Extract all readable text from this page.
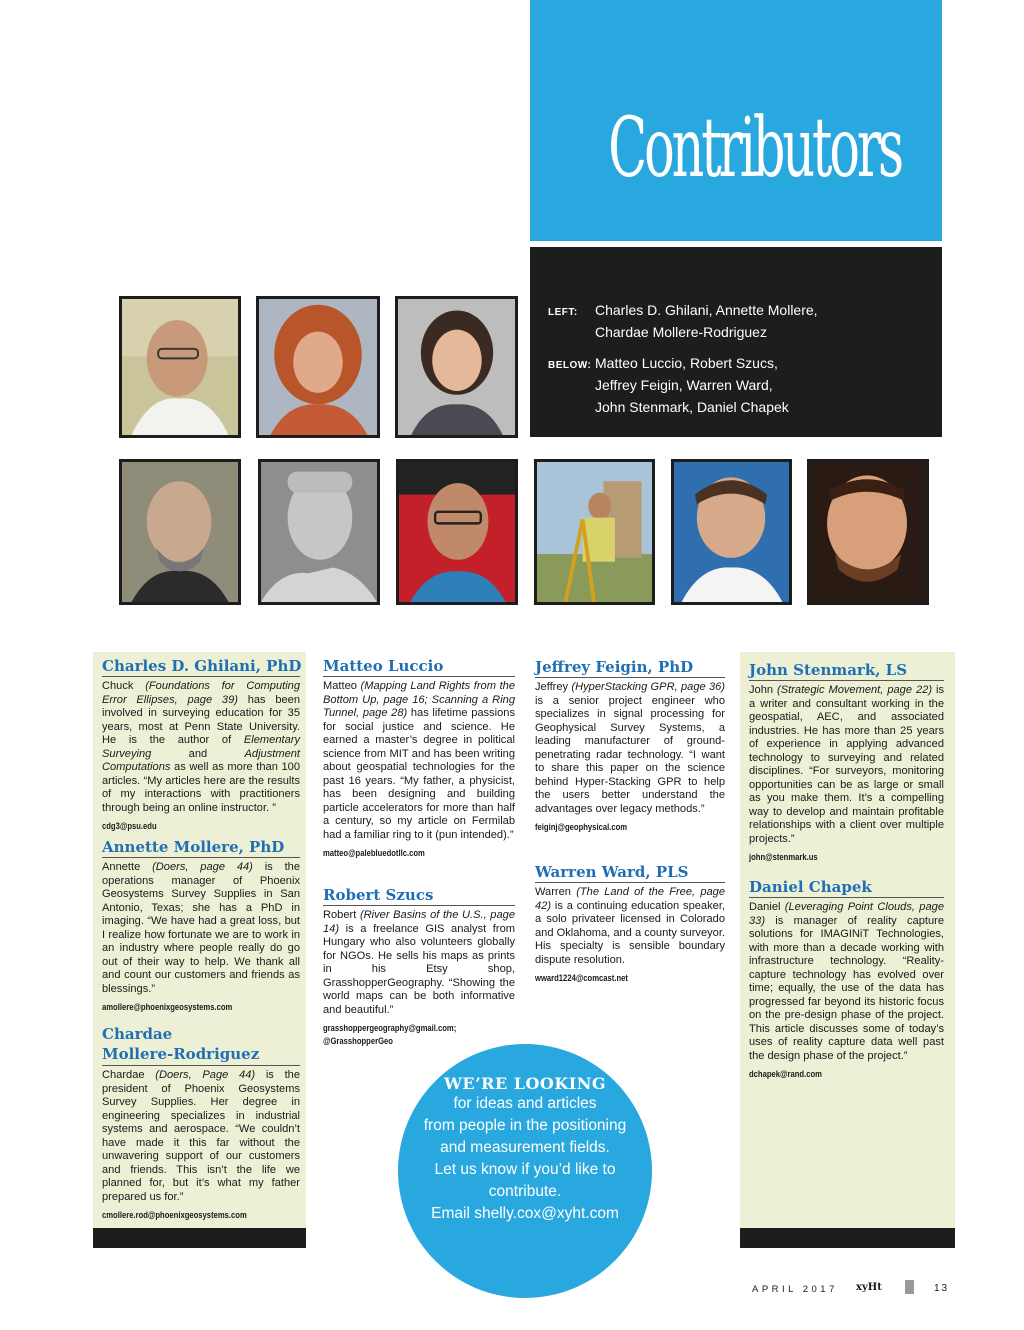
Contributors
LEFT: Charles D. Ghilani, Annette Mollere,
Chardae Mollere-Rodriguez
BELOW: Matteo Luccio, Robert Szucs,
Jeffrey Feigin, Warren Ward,
John Stenmark, Daniel Chapek
Charles D. Ghilani, PhD
Chuck (Foundations for Computing Error Ellipses, page 39) has been involved in surveying education for 35 years, most at Penn State University. He is the author of Elementary Surveying and Adjustment Computations as well as more than 100 articles. “My articles here are the results of my interactions with practitioners through being an online instructor. ”
cdg3@psu.edu
Annette Mollere, PhD
Annette (Doers, page 44) is the operations manager of Phoenix Geosystems Survey Supplies in San Antonio, Texas; she has a PhD in imaging. “We have had a great loss, but I realize how fortunate we are to work in an industry where people really do go out of their way to help. We thank all and count our customers and friends as blessings.”
amollere@phoenixgeosystems.com
Chardae
Mollere-Rodriguez
Chardae (Doers, Page 44) is the president of Phoenix Geosystems Survey Supplies. Her degree in engineering specializes in industrial systems and aerospace. “We couldn’t have made it this far without the unwavering support of our customers and friends. This isn’t the life we planned for, but it’s what my father prepared us for.”
cmollere.rod@phoenixgeosystems.com
Matteo Luccio
Matteo (Mapping Land Rights from the Bottom Up, page 16; Scanning a Ring Tunnel, page 28) has lifetime passions for social justice and science. He earned a master’s degree in political science from MIT and has been writing about geospatial technologies for the past 16 years. “My father, a physicist, has been designing and building particle accelerators for more than half a century, so my article on Fermilab had a familiar ring to it (pun intended).”
matteo@palebluedotllc.com
Robert Szucs
Robert (River Basins of the U.S., page 14) is a freelance GIS analyst from Hungary who also volunteers globally for NGOs. He sells his maps as prints in his Etsy shop, GrasshopperGeography. “Showing the world maps can be both informative and beautiful.”
grasshoppergeography@gmail.com;
@GrasshopperGeo
Jeffrey Feigin, PhD
Jeffrey (HyperStacking GPR, page 36) is a senior project engineer who specializes in signal processing for Geophysical Survey Systems, a leading manufacturer of ground-penetrating radar technology. “I want to share this paper on the science behind Hyper-Stacking GPR to help the users better understand the advantages over legacy methods.”
feiginj@geophysical.com
Warren Ward, PLS
Warren (The Land of the Free, page 42) is a continuing education speaker, a solo privateer licensed in Colorado and Oklahoma, and a county surveyor. His specialty is sensible boundary dispute resolution.
wward1224@comcast.net
John Stenmark, LS
John (Strategic Movement, page 22) is a writer and consultant working in the geospatial, AEC, and associated industries. He has more than 25 years of experience in applying advanced technology to surveying and related disciplines. “For surveyors, monitoring opportunities can be as large or small as you make them. It’s a compelling way to develop and maintain profitable relationships with a client over multiple projects.”
john@stenmark.us
Daniel Chapek
Daniel (Leveraging Point Clouds, page 33) is manager of reality capture solutions for IMAGINiT Technologies, with more than a decade working with infrastructure technology. “Reality-capture technology has evolved over time; equally, the use of the data has progressed far beyond its historic focus on the pre-design phase of the project. This article discusses some of today’s uses of reality capture data well past the design phase of the project.”
dchapek@rand.com
WE’RE LOOKING
for ideas and articles
from people in the positioning
and measurement fields.
Let us know if you’d like to
contribute.
Email shelly.cox@xyht.com
APRIL 2017 xyHt	13
